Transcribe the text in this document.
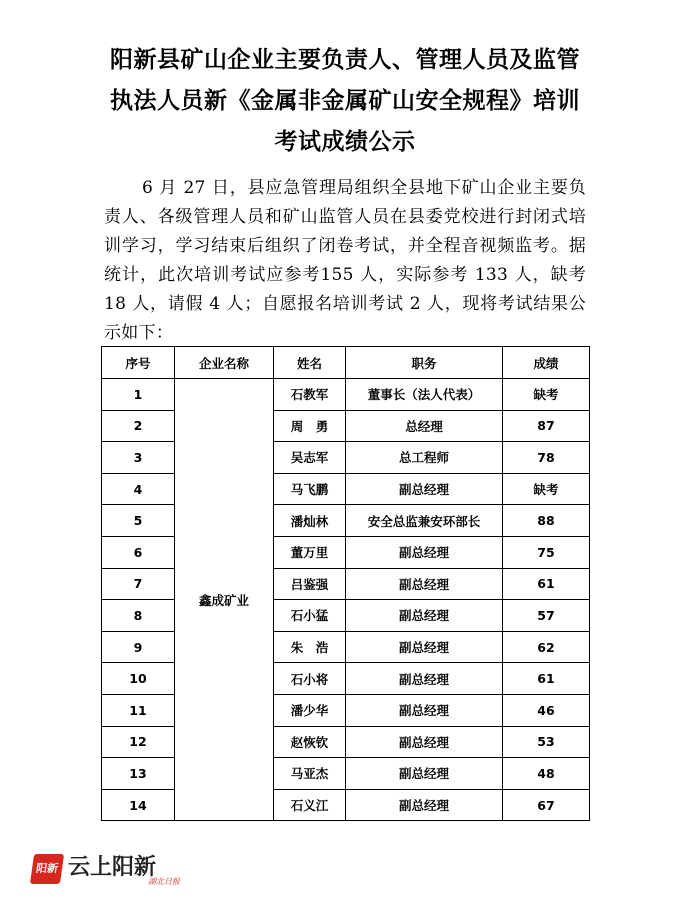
阳新县矿山企业主要负责人、管理人员及监管执法人员新《金属非金属矿山安全规程》培训考试成绩公示

6 月 27 日，县应急管理局组织全县地下矿山企业主要负责人、各级管理人员和矿山监管人员在县委党校进行封闭式培训学习，学习结束后组织了闭卷考试，并全程音视频监考。据统计，此次培训考试应参考155 人，实际参考 133 人，缺考 18 人，请假 4 人；自愿报名培训考试 2 人，现将考试结果公示如下：

序号	企业名称	姓名	职务	成绩
1	鑫成矿业	石教军	董事长（法人代表）	缺考
2		周　勇	总经理	87
3		吴志军	总工程师	78
4		马飞鹏	副总经理	缺考
5		潘灿林	安全总监兼安环部长	88
6		董万里	副总经理	75
7		吕鉴强	副总经理	61
8		石小猛	副总经理	57
9		朱　浩	副总经理	62
10		石小将	副总经理	61
11		潘少华	副总经理	46
12		赵恢钦	副总经理	53
13		马亚杰	副总经理	48
14		石义江	副总经理	67
阳新 云上阳新
湖北日报
